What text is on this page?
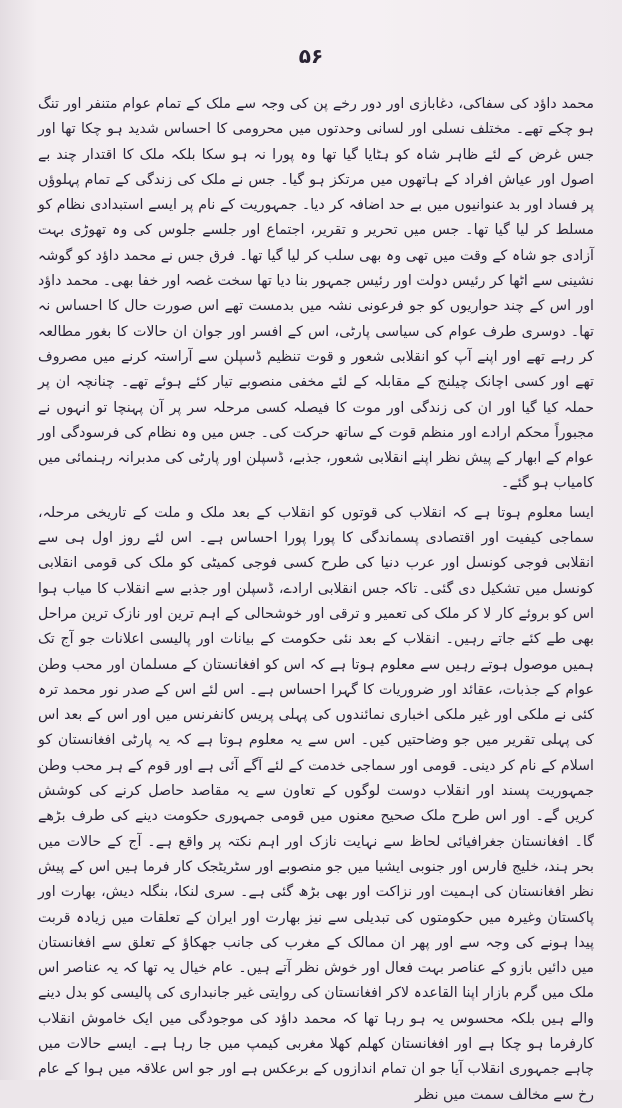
۵۶

محمد داؤد کی سفاکی، دغابازی اور دور رخے پن کی وجہ سے ملک کے تمام عوام متنفر اور تنگ ہو چکے تھے۔ مختلف نسلی اور لسانی وحدتوں میں محرومی کا احساس شدید ہو چکا تھا اور جس غرض کے لئے ظاہر شاہ کو ہٹایا گیا تھا وہ پورا نہ ہو سکا بلکہ ملک کا اقتدار چند بے اصول اور عیاش افراد کے ہاتھوں میں مرتکز ہو گیا۔ جس نے ملک کی زندگی کے تمام پہلوؤں پر فساد اور بد عنوانیوں میں بے حد اضافہ کر دیا۔ جمہوریت کے نام پر ایسے استبدادی نظام کو مسلط کر لیا گیا تھا۔ جس میں تحریر و تقریر، اجتماع اور جلسے جلوس کی وہ تھوڑی بہت آزادی جو شاہ کے وقت میں تھی وہ بھی سلب کر لیا گیا تھا۔ فرق جس نے محمد داؤد کو گوشہ نشینی سے اٹھا کر رئیس دولت اور رئیس جمہور بنا دیا تھا سخت غصہ اور خفا بھی۔ محمد داؤد اور اس کے چند حواریوں کو جو فرعونی نشہ میں بدمست تھے اس صورت حال کا احساس نہ تھا۔ دوسری طرف عوام کی سیاسی پارٹی، اس کے افسر اور جوان ان حالات کا بغور مطالعہ کر رہے تھے اور اپنے آپ کو انقلابی شعور و قوت تنظیم ڈسپلن سے آراستہ کرنے میں مصروف تھے اور کسی اچانک چیلنج کے مقابلہ کے لئے مخفی منصوبے تیار کئے ہوئے تھے۔ چنانچہ ان پر حملہ کیا گیا اور ان کی زندگی اور موت کا فیصلہ کسی مرحلہ سر پر آن پہنچا تو انہوں نے مجبوراً محکم ارادے اور منظم قوت کے ساتھ حرکت کی۔ جس میں وہ نظام کی فرسودگی اور عوام کے ابھار کے پیش نظر اپنے انقلابی شعور، جذبے، ڈسپلن اور پارٹی کی مدبرانہ رہنمائی میں کامیاب ہو گئے۔

ایسا معلوم ہوتا ہے کہ انقلاب کی قوتوں کو انقلاب کے بعد ملک و ملت کے تاریخی مرحلہ، سماجی کیفیت اور اقتصادی پسماندگی کا پورا پورا احساس ہے۔ اس لئے روز اول ہی سے انقلابی فوجی کونسل اور عرب دنیا کی طرح کسی فوجی کمیٹی کو ملک کی قومی انقلابی کونسل میں تشکیل دی گئی۔ تاکہ جس انقلابی ارادے، ڈسپلن اور جذبے سے انقلاب کا میاب ہوا اس کو بروئے کار لا کر ملک کی تعمیر و ترقی اور خوشحالی کے اہم ترین اور نازک ترین مراحل بھی طے کئے جاتے رہیں۔ انقلاب کے بعد نئی حکومت کے بیانات اور پالیسی اعلانات جو آج تک ہمیں موصول ہوتے رہیں سے معلوم ہوتا ہے کہ اس کو افغانستان کے مسلمان اور محب وطن عوام کے جذبات، عقائد اور ضروریات کا گہرا احساس ہے۔ اس لئے اس کے صدر نور محمد ترہ کئی نے ملکی اور غیر ملکی اخباری نمائندوں کی پہلی پریس کانفرنس میں اور اس کے بعد اس کی پہلی تقریر میں جو وضاحتیں کیں۔ اس سے یہ معلوم ہوتا ہے کہ یہ پارٹی افغانستان کو اسلام کے نام کر دینی۔ قومی اور سماجی خدمت کے لئے آگے آئی ہے اور قوم کے ہر محب وطن جمہوریت پسند اور انقلاب دوست لوگوں کے تعاون سے یہ مقاصد حاصل کرنے کی کوشش کریں گے۔ اور اس طرح ملک صحیح معنوں میں قومی جمہوری حکومت دینے کی طرف بڑھے گا۔ افغانستان جغرافیائی لحاظ سے نہایت نازک اور اہم نکتہ پر واقع ہے۔ آج کے حالات میں بحر ہند، خلیج فارس اور جنوبی ایشیا میں جو منصوبے اور سٹریٹجک کار فرما ہیں اس کے پیش نظر افغانستان کی اہمیت اور نزاکت اور بھی بڑھ گئی ہے۔ سری لنکا، بنگلہ دیش، بھارت اور پاکستان وغیرہ میں حکومتوں کی تبدیلی سے نیز بھارت اور ایران کے تعلقات میں زیادہ قربت پیدا ہونے کی وجہ سے اور پھر ان ممالک کے مغرب کی جانب جھکاؤ کے تعلق سے افغانستان میں دائیں بازو کے عناصر بہت فعال اور خوش نظر آتے ہیں۔ عام خیال یہ تھا کہ یہ عناصر اس ملک میں گرم بازار اپنا القاعدہ لاکر افغانستان کی روایتی غیر جانبداری کی پالیسی کو بدل دینے والے ہیں بلکہ محسوس یہ ہو رہا تھا کہ محمد داؤد کی موجودگی میں ایک خاموش انقلاب کارفرما ہو چکا ہے اور افغانستان کھلم کھلا مغربی کیمپ میں جا رہا ہے۔ ایسے حالات میں چاہے جمہوری انقلاب آیا جو ان تمام اندازوں کے برعکس ہے اور جو اس علاقہ میں ہوا کے عام رخ سے مخالف سمت میں نظر
